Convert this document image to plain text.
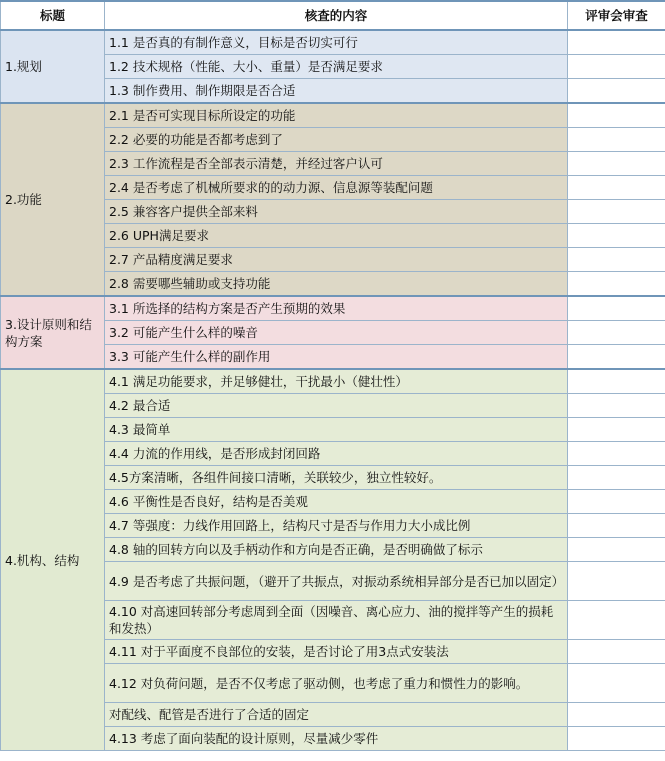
标题	核查的内容	评审会审查
1.规划	1.1 是否真的有制作意义，目标是否切实可行	
	1.2 技术规格（性能、大小、重量）是否满足要求	
	1.3 制作费用、制作期限是否合适	
2.功能	2.1 是否可实现目标所设定的功能	
	2.2 必要的功能是否都考虑到了	
	2.3 工作流程是否全部表示清楚，并经过客户认可	
	2.4 是否考虑了机械所要求的的动力源、信息源等装配问题	
	2.5 兼容客户提供全部来料	
	2.6 UPH满足要求	
	2.7 产品精度满足要求	
	2.8 需要哪些辅助或支持功能	
3.设计原则和结构方案	3.1 所选择的结构方案是否产生预期的效果	
	3.2 可能产生什么样的噪音	
	3.3 可能产生什么样的副作用	
4.机构、结构	4.1 满足功能要求，并足够健壮，干扰最小（健壮性）	
	4.2 最合适	
	4.3 最简单	
	4.4 力流的作用线，是否形成封闭回路	
	4.5方案清晰，各组件间接口清晰，关联较少，独立性较好。	
	4.6 平衡性是否良好，结构是否美观	
	4.7 等强度：力线作用回路上，结构尺寸是否与作用力大小成比例	
	4.8 轴的回转方向以及手柄动作和方向是否正确，是否明确做了标示	
	4.9 是否考虑了共振问题，（避开了共振点，对振动系统相异部分是否已加以固定）	
	4.10 对高速回转部分考虑周到全面（因噪音、离心应力、油的搅拌等产生的损耗和发热）	
	4.11 对于平面度不良部位的安装，是否讨论了用3点式安装法	
	4.12 对负荷问题，是否不仅考虑了驱动侧，也考虑了重力和惯性力的影响。	
	对配线、配管是否进行了合适的固定	
	4.13 考虑了面向装配的设计原则，尽量减少零件	
